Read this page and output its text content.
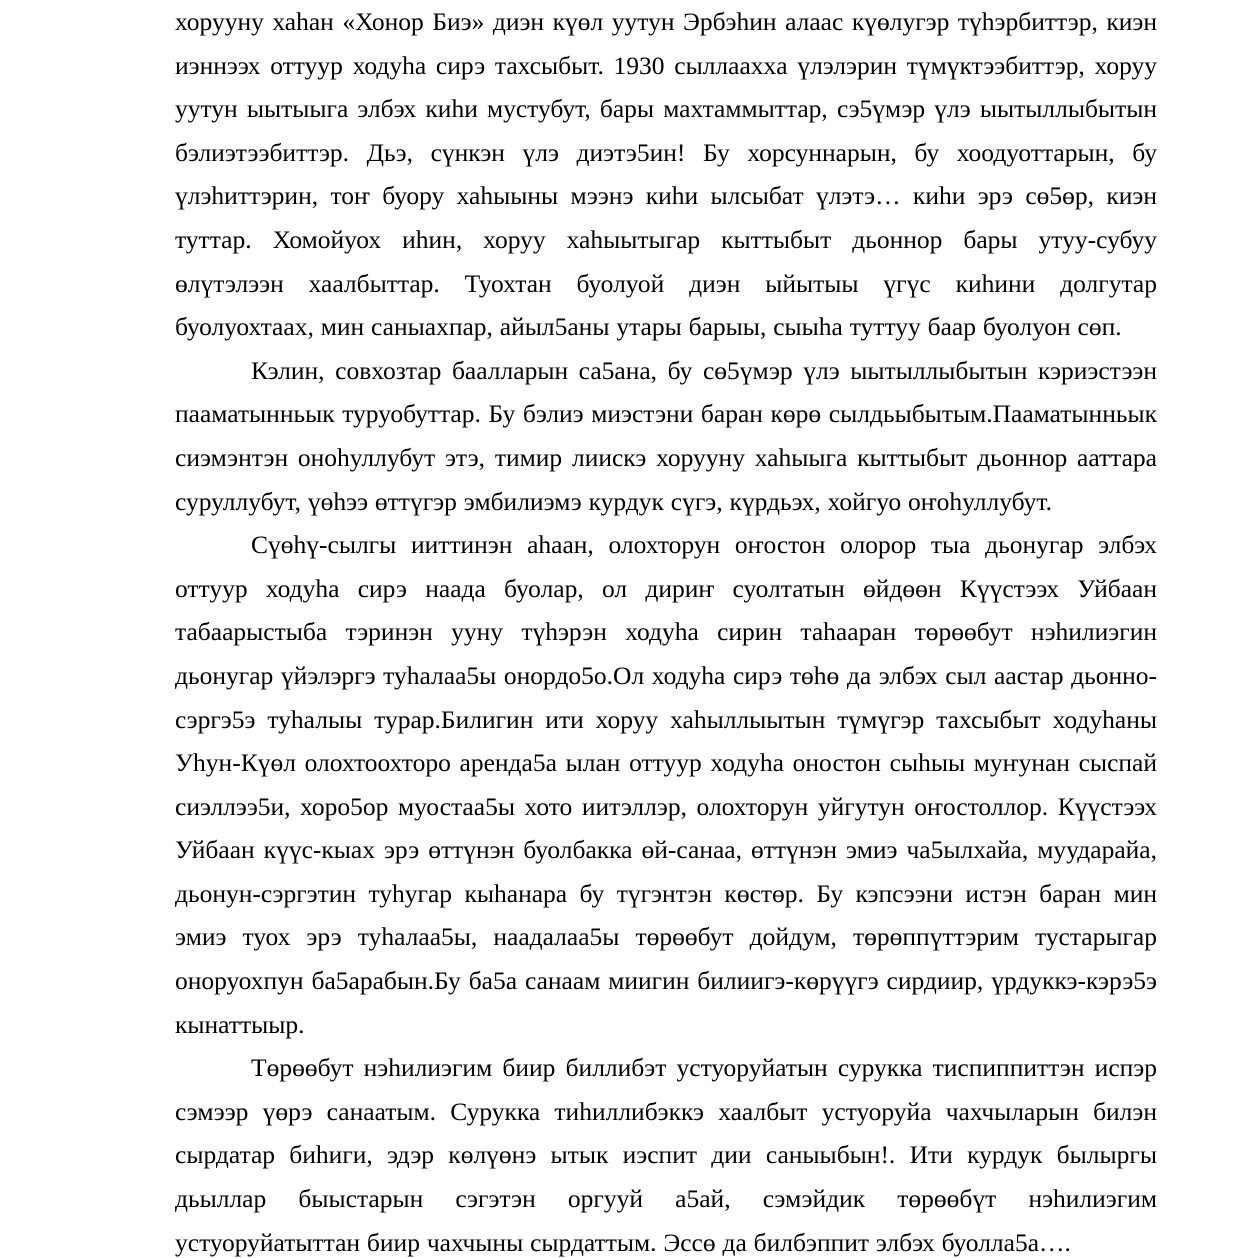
хорууну хаһан «Хонор Биэ» диэн күөл уутун Эрбэһин алаас күөлугэр түһэрбиттэр, киэн иэннээх оттуур ходуһа сирэ тахсыбыт. 1930 сыллааххa үлэлэрин түмүктээбиттэр, хоруу уутун ыытыыга элбэх киһи мустубут, бары махтаммыттар, сэ5үмэр үлэ ыытыллыбытын бэлиэтээбиттэр. Дьэ, сүнкэн үлэ диэтэ5ин! Бу хорсуннарын, бу хоодуоттарын, бу үлэһиттэрин, тоҥ буору хаһыыны мээнэ киһи ылсыбат үлэтэ… киһи эрэ сө5өр, киэн туттар. Хомойуох иһин, хоруу хаһыытыгар кыттыбыт дьоннор бары утуу-субуу өлүтэлээн хаалбыттар. Туохтан буолуой диэн ыйытыы үгүс киһини долгутар буолуохтаах, мин саныахпар, айыл5аны утары барыы, сыыһа туттуу баар буолуон сөп.

Кэлин, совхозтар баалларын са5ана, бу сө5үмэр үлэ ыытыллыбытын кэриэстээн пааматынньык туруобуттар. Бу бэлиэ миэстэни баран көрө сылдьыбытым.Пааматынньык сиэмэнтэн оноһуллубут этэ, тимир лиискэ хорууну хаһыыга кыттыбыт дьоннор ааттара суруллубут, үөһээ өттүгэр эмбилиэмэ курдук сүгэ, күрдьэх, хойгуо оҥоһуллубут.

Сүөһү-сылгы ииттинэн аһаан, олохторун оҥостон олорор тыа дьонугар элбэх оттуур ходуһа сирэ наада буолар, ол дириҥ суолтатын өйдөөн Күүстээх Уйбаан табаарыстыба тэринэн ууну түһэрэн ходуһа сирин таһааран төрөөбут нэһилиэгин дьонугар үйэлэргэ туһалаа5ы онордо5о.Ол ходуһа сирэ төһө да элбэх сыл аастар дьонно-сэргэ5э туһалыы турар.Билигин ити хоруу хаһыллыытын түмүгэр тахсыбыт ходуһаны Уһун-Күөл олохтоохторо аренда5а ылан оттуур ходуһа оностон сыһыы муҥунан сыспай сиэллээ5и, хоро5ор муостаа5ы хото иитэллэр, олохторун уйгутун оҥостоллор. Күүстээх Уйбаан күүс-кыах эрэ өттүнэн буолбакка өй-санаа, өттүнэн эмиэ ча5ылхайа, муударайа, дьонун-сэргэтин туһугар кыһанара бу түгэнтэн көстөр. Бу кэпсээни истэн баран мин эмиэ туох эрэ туһалаа5ы, наадалаа5ы төрөөбут дойдум, төрөппүттэрим тустарыгар оноруохпун ба5арабын.Бу ба5а санаам миигин билиигэ-көрүүгэ сирдиир, үрдуккэ-кэрэ5э кынаттыыр.

Төрөөбут нэһилиэгим биир биллибэт устуоруйатын сурукка тиспиппиттэн испэр сэмээр үөрэ санаатым. Сурукка тиһиллибэккэ хаалбыт устуоруйа чахчыларын билэн сырдатар биһиги, эдэр көлүөнэ ытык иэспит дии саныыбын!. Ити курдук былыргы дьыллар быыстарын сэгэтэн оргууй а5ай, сэмэйдик төрөөбүт нэһилиэгим устуоруйатыттан биир чахчыны сырдаттым. Эссө да билбэппит элбэх буолла5а….
